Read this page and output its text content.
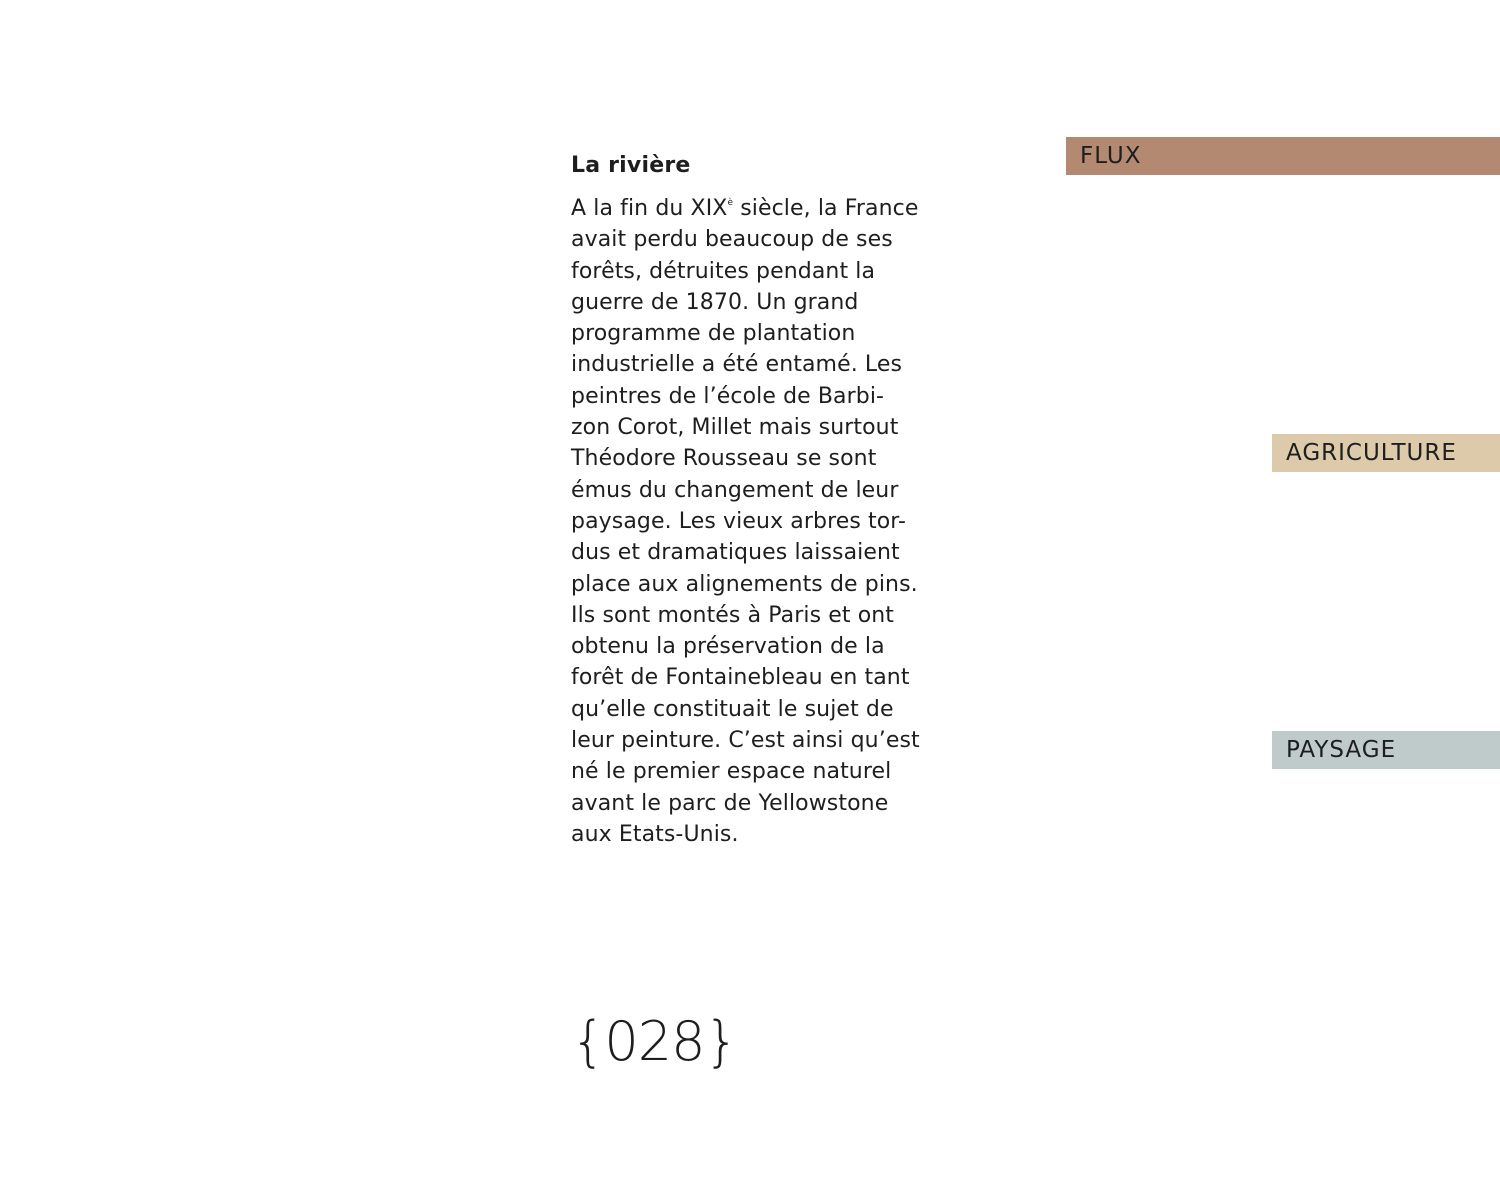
La rivière

A la fin du $XIX^è$ siècle, la France
avait perdu beaucoup de ses
forêts, détruites pendant la
guerre de 1870. Un grand
programme de plantation
industrielle a été entamé. Les
peintres de l’école de Barbi-
zon Corot, Millet mais surtout
Théodore Rousseau se sont
émus du changement de leur
paysage. Les vieux arbres tor-
dus et dramatiques laissaient
place aux alignements de pins.
Ils sont montés à Paris et ont
obtenu la préservation de la
forêt de Fontainebleau en tant
qu’elle constituait le sujet de
leur peinture. C’est ainsi qu’est
né le premier espace naturel
avant le parc de Yellowstone
aux Etats-Unis.

{028}
FLUX
AGRICULTURE
PAYSAGE
